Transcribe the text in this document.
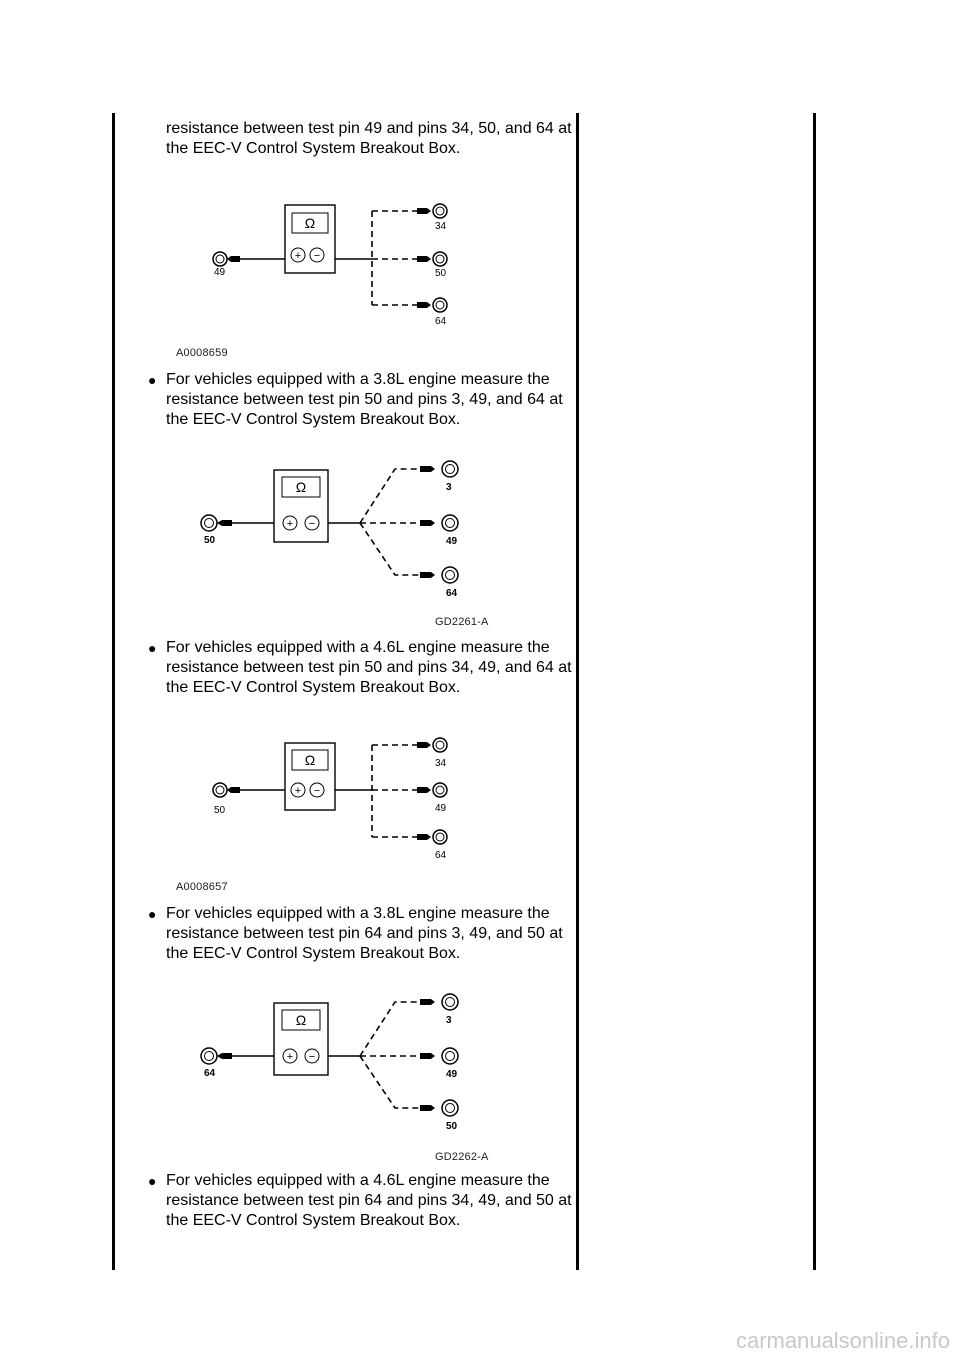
resistance between test pin 49 and pins 34, 50, and 64 at the EEC-V Control System Breakout Box.

Ω
+ −
49
34
50
64
A0008659
● For vehicles equipped with a 3.8L engine measure the resistance between test pin 50 and pins 3, 49, and 64 at the EEC-V Control System Breakout Box.

Ω
+ −
50
3
49
64
GD2261-A
● For vehicles equipped with a 4.6L engine measure the resistance between test pin 50 and pins 34, 49, and 64 at the EEC-V Control System Breakout Box.

Ω
+ −
50
34
49
64
A0008657
● For vehicles equipped with a 3.8L engine measure the resistance between test pin 64 and pins 3, 49, and 50 at the EEC-V Control System Breakout Box.

Ω
+ −
64
3
49
50
GD2262-A
● For vehicles equipped with a 4.6L engine measure the resistance between test pin 64 and pins 34, 49, and 50 at the EEC-V Control System Breakout Box.

carmanualsonline.info
